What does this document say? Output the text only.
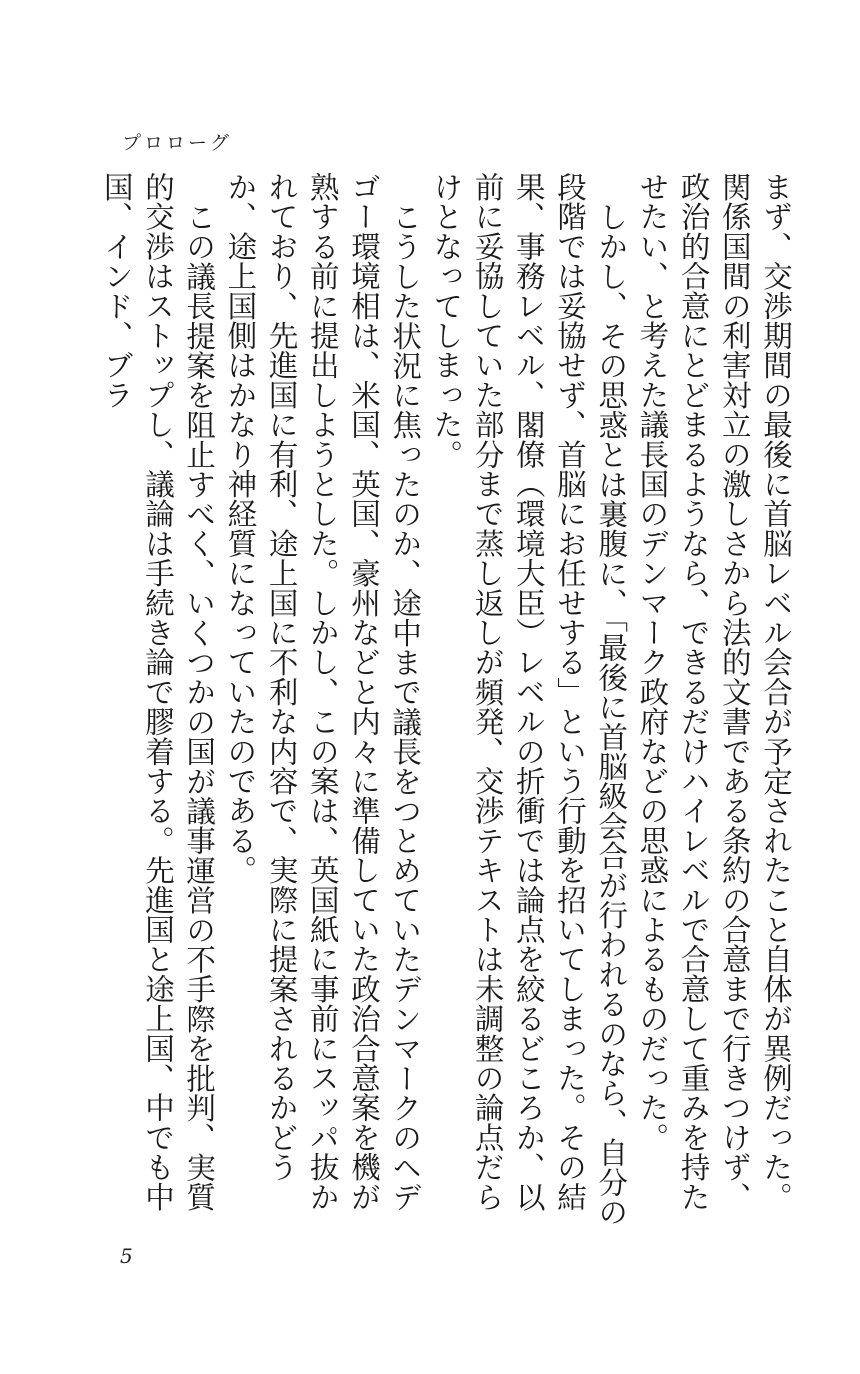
プロローグ

まず、交渉期間の最後に首脳レベル会合が予定されたこと自体が異例だった。関係国間の利害対立の激しさから法的文書である条約の合意まで行きつけず、政治的合意にとどまるようなら、できるだけハイレベルで合意して重みを持たせたい、と考えた議長国のデンマーク政府などの思惑によるものだった。

しかし、その思惑とは裏腹に、「最後に首脳級会合が行われるのなら、自分の段階では妥協せず、首脳にお任せする」という行動を招いてしまった。その結果、事務レベル、閣僚（環境大臣）レベルの折衝では論点を絞るどころか、以前に妥協していた部分まで蒸し返しが頻発、交渉テキストは未調整の論点だらけとなってしまった。

こうした状況に焦ったのか、途中まで議長をつとめていたデンマークのヘデゴー環境相は、米国、英国、豪州などと内々に準備していた政治合意案を機が熟する前に提出しようとした。しかし、この案は、英国紙に事前にスッパ抜かれており、先進国に有利、途上国に不利な内容で、実際に提案されるかどうか、途上国側はかなり神経質になっていたのである。

この議長提案を阻止すべく、いくつかの国が議事運営の不手際を批判、実質的交渉はストップし、議論は手続き論で膠着する。先進国と途上国、中でも中国、インド、ブラ

5
